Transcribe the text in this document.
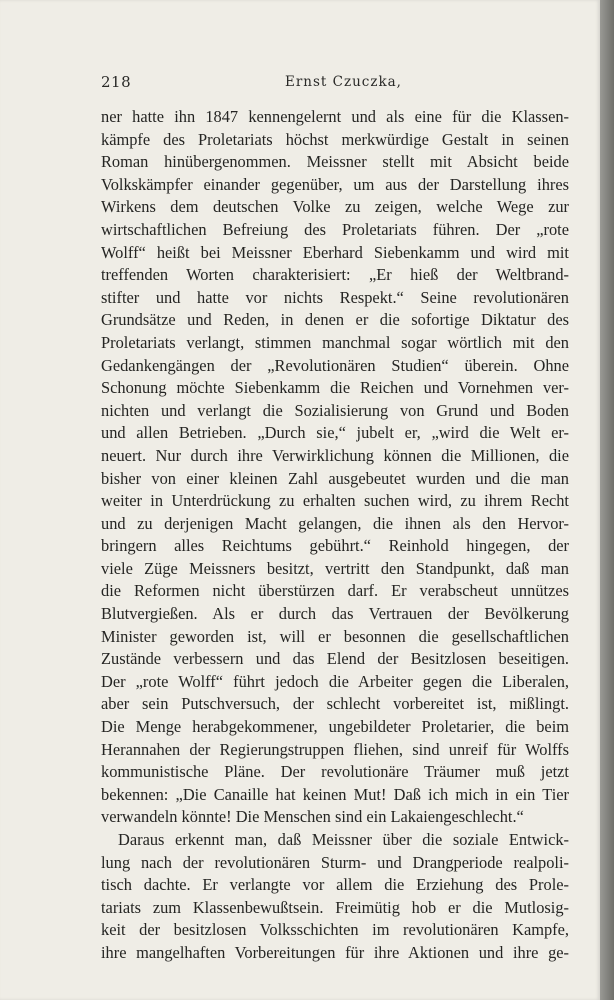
218	Ernst Czuczka,
ner hatte ihn 1847 kennengelernt und als eine für die Klassen-
kämpfe des Proletariats höchst merkwürdige Gestalt in seinen
Roman hinübergenommen. Meissner stellt mit Absicht beide
Volkskämpfer einander gegenüber, um aus der Darstellung ihres
Wirkens dem deutschen Volke zu zeigen, welche Wege zur
wirtschaftlichen Befreiung des Proletariats führen. Der „rote
Wolff“ heißt bei Meissner Eberhard Siebenkamm und wird mit
treffenden Worten charakterisiert: „Er hieß der Weltbrand-
stifter und hatte vor nichts Respekt.“ Seine revolutionären
Grundsätze und Reden, in denen er die sofortige Diktatur des
Proletariats verlangt, stimmen manchmal sogar wörtlich mit den
Gedankengängen der „Revolutionären Studien“ überein. Ohne
Schonung möchte Siebenkamm die Reichen und Vornehmen ver-
nichten und verlangt die Sozialisierung von Grund und Boden
und allen Betrieben. „Durch sie,“ jubelt er, „wird die Welt er-
neuert. Nur durch ihre Verwirklichung können die Millionen, die
bisher von einer kleinen Zahl ausgebeutet wurden und die man
weiter in Unterdrückung zu erhalten suchen wird, zu ihrem Recht
und zu derjenigen Macht gelangen, die ihnen als den Hervor-
bringern alles Reichtums gebührt.“ Reinhold hingegen, der
viele Züge Meissners besitzt, vertritt den Standpunkt, daß man
die Reformen nicht überstürzen darf. Er verabscheut unnützes
Blutvergießen. Als er durch das Vertrauen der Bevölkerung
Minister geworden ist, will er besonnen die gesellschaftlichen
Zustände verbessern und das Elend der Besitzlosen beseitigen.
Der „rote Wolff“ führt jedoch die Arbeiter gegen die Liberalen,
aber sein Putschversuch, der schlecht vorbereitet ist, mißlingt.
Die Menge herabgekommener, ungebildeter Proletarier, die beim
Herannahen der Regierungstruppen fliehen, sind unreif für Wolffs
kommunistische Pläne. Der revolutionäre Träumer muß jetzt
bekennen: „Die Canaille hat keinen Mut! Daß ich mich in ein Tier
verwandeln könnte! Die Menschen sind ein Lakaiengeschlecht.“
Daraus erkennt man, daß Meissner über die soziale Entwick-
lung nach der revolutionären Sturm- und Drangperiode realpoli-
tisch dachte. Er verlangte vor allem die Erziehung des Prole-
tariats zum Klassenbewußtsein. Freimütig hob er die Mutlosig-
keit der besitzlosen Volksschichten im revolutionären Kampfe,
ihre mangelhaften Vorbereitungen für ihre Aktionen und ihre ge-
